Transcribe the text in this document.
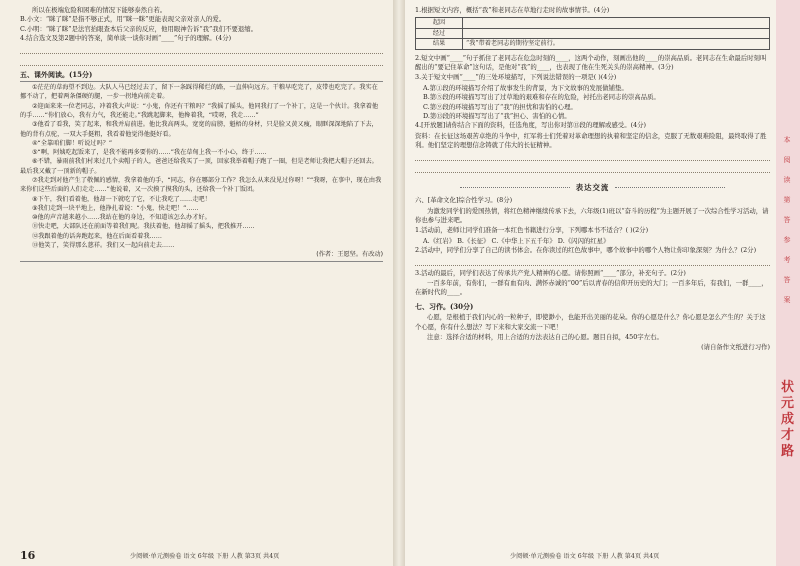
所以在极端危险和困难的情况下能够泰然自若。

B.小文：“眯了眯”是指不够正式，用“眯一眯”更能表现父亲对亲人的爱。

C.小明：“眯了眯”是法官抬眼查本后父亲的反应，他用眼神告诉“我”我们不要退缩。

4.结合选文及第2题中的答案，简单谈一谈你对画“____”句子的理解。(4分)

五、课外阅读。(15分)

①茫茫的草海望不到边。大队人马已经过去了，留下一条踩得稀烂的路，一直伸向远方。干粮早吃完了，皮带也吃完了。我实在挪不动了，把着两条僵硬的腿，一步一拐地向前走着。

②迎面来来一位老同志，冲着我大声说：“小鬼，你还有干粮吗？”我摇了摇头，他同我打了一个补丁，这是一个伙计。我拿着他的手……“你们放心，我有力气，我还能走。”我跳起脚来，他搀着我，“哎呀，我走……”

③他看了看我，笑了起来，和我并肩前进。他比我高两头，宽宽的肩膀，魁梧的身材，只是脸又黄又瘦，眼眶深深地陷了下去，他的背有点驼，一双大手挺粗，我看着他觉得他挺好看。

④“全靠咱们脚！听说过吗？”

⑤“啊，阿姨吃起饭来了，是我不能再多要你的……”我在草甸上我一不小心，终于……

⑥不错，暴雨前我们村来过几个卖帽子的人，爸爸还给我买了一顶，回家我举着帽子跑了一圈，但是老师让我把大帽子还回去。最后我又戴了一顶新的帽子。

⑦我走到对他产生了敬佩的感情，我拿着他的手，“同志，你在哪部分工作？我怎么从来没见过你呀！”“我呀，在事中，现在由我来你们这些后面的人们走走……”他说着，又一次摸了摸我的头，还给我一个补丁饭团。

⑧下午，我们看着他，他却一下就吃了它，不让我吃了……走吧！

⑨我们走到一块平地上，他挣扎着说：“小鬼，快走吧！”……

⑩他的声音越来越小……我站在他的身边，不知道该怎么办才好。

⑪快走吧，大部队还在前面等着我们呢。我扶着他，他却摇了摇头，把我推开……

⑫我跟着他的话奔跑起来，他在后面看着我……

⑬他笑了，笑得那么慈祥。我们又一起向前走去……

(作者：王愿坚。有改动)

1.根据短文内容，概括“我”和老同志在草地行走时的故事情节。(4分)

起因	
经过	
结果	“我”带着老同志的期待坚定前行。

2.短文中画“____”句子抓住了老同志在危急时刻的____，这两个动作，刻画出他的____的崇高品质。老同志在生命最后时刻叫醒出的“要记住革命”这句话，是他对“我”的____，也表现了他在生死关头的崇高精神。(3分)

3.关于短文中画“____”的三处环境描写，下列说法错误的一项是( )(4分)

A.第①段的环境描写介绍了故事发生的背景，为下文故事的发展做铺垫。

B.第⑤段的环境描写写出了过草地的艰难和存在的危险，衬托出老同志的崇高品质。

C.第⑨段的环境描写写出了“我”的担忧和害怕的心理。

D.第⑬段的环境描写写出了“我”担心、害怕的心情。

4.[开放题]请你结合下面的资料，任选角度，写出你对第⑬段的理解或感受。(4分)

资料：在长征这场艰苦卓绝的斗争中，红军将士们凭着对革命理想的执着和坚定的信念，克服了无数艰难险阻，最终取得了胜利。他们坚定的理想信念铸就了伟大的长征精神。

表达交流

六、[革命文化]综合性学习。(8分)

为激发同学们的爱国热情，将红色精神继续传承下去，六年级(1)班以“奋斗的历程”为主题开展了一次综合性学习活动，请你也参与进来吧。

1.活动前，老师让同学们准备一本红色书籍进行分享，下列哪本书不适合？( )(2分)

A.《红岩》 B.《长征》 C.《中华上下五千年》 D.《闪闪的红星》

2.活动中，同学们分享了自己的读书体会。在你读过的红色故事中，哪个故事中的哪个人物让你印象深刻？为什么？(2分)

3.活动的最后，同学们表达了传承共产党人精神的心愿。请你照画“____”部分，补充句子。(2分)

一百多年前，有你们，一群有血有肉、满怀赤诚的“00”后以青春的信仰开历史的大门；一百多年后，有我们，一群____，在新时代的____。

七、习作。(30分)

心愿，是根植于我们内心的一粒种子，即使渺小，也能开出美丽的花朵。你的心愿是什么？你心愿是怎么产生的？关于这个心愿，你有什么想法？写下来和大家交流一下吧！

注意：选择合适的材料，用上合适的方法表达自己的心愿。题目自拟，450字左右。

(请自备作文纸进行习作)

本 阅 读 第 答 参 考 答 案
状元成才路
16	少阅顿·单元测验卷 语文 6年级 下册 人教 第3页 共4页	少阅顿·单元测验卷 语文 6年级 下册 人教 第4页 共4页
